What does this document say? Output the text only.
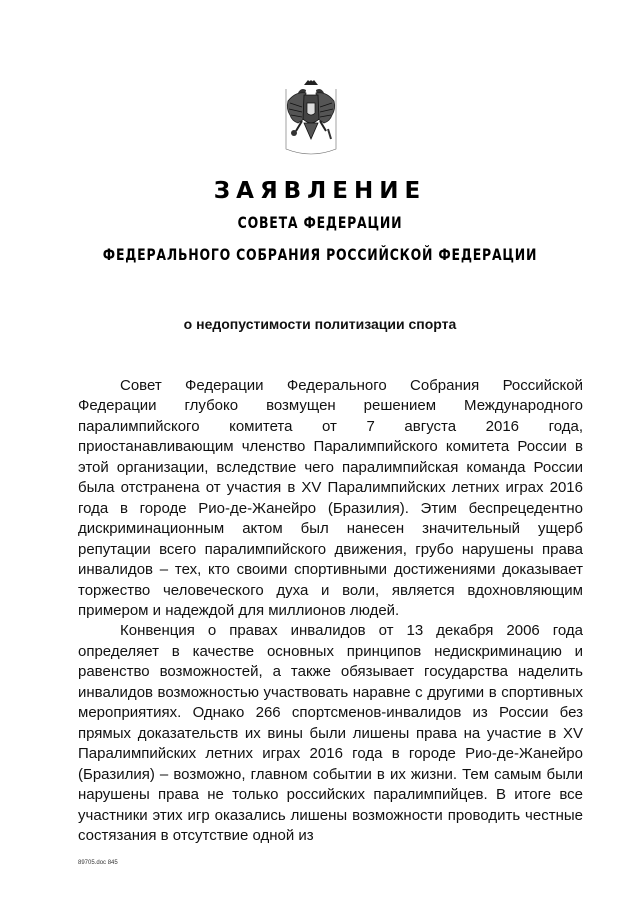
ЗАЯВЛЕНИЕ
СОВЕТА ФЕДЕРАЦИИ
ФЕДЕРАЛЬНОГО СОБРАНИЯ РОССИЙСКОЙ ФЕДЕРАЦИИ
о недопустимости политизации спорта

Совет Федерации Федерального Собрания Российской Федерации глубоко возмущен решением Международного паралимпийского комитета от 7 августа 2016 года, приостанавливающим членство Паралимпийского комитета России в этой организации, вследствие чего паралимпийская команда России была отстранена от участия в XV Паралимпийских летних играх 2016 года в городе Рио-де-Жанейро (Бразилия). Этим беспрецедентно дискриминационным актом был нанесен значительный ущерб репутации всего паралимпийского движения, грубо нарушены права инвалидов – тех, кто своими спортивными достижениями доказывает торжество человеческого духа и воли, является вдохновляющим примером и надеждой для миллионов людей.

Конвенция о правах инвалидов от 13 декабря 2006 года определяет в качестве основных принципов недискриминацию и равенство возможностей, а также обязывает государства наделить инвалидов возможностью участвовать наравне с другими в спортивных мероприятиях. Однако 266 спортсменов-инвалидов из России без прямых доказательств их вины были лишены права на участие в XV Паралимпийских летних играх 2016 года в городе Рио-де-Жанейро (Бразилия) – возможно, главном событии в их жизни. Тем самым были нарушены права не только российских паралимпийцев. В итоге все участники этих игр оказались лишены возможности проводить честные состязания в отсутствие одной из

89705.doc 845
